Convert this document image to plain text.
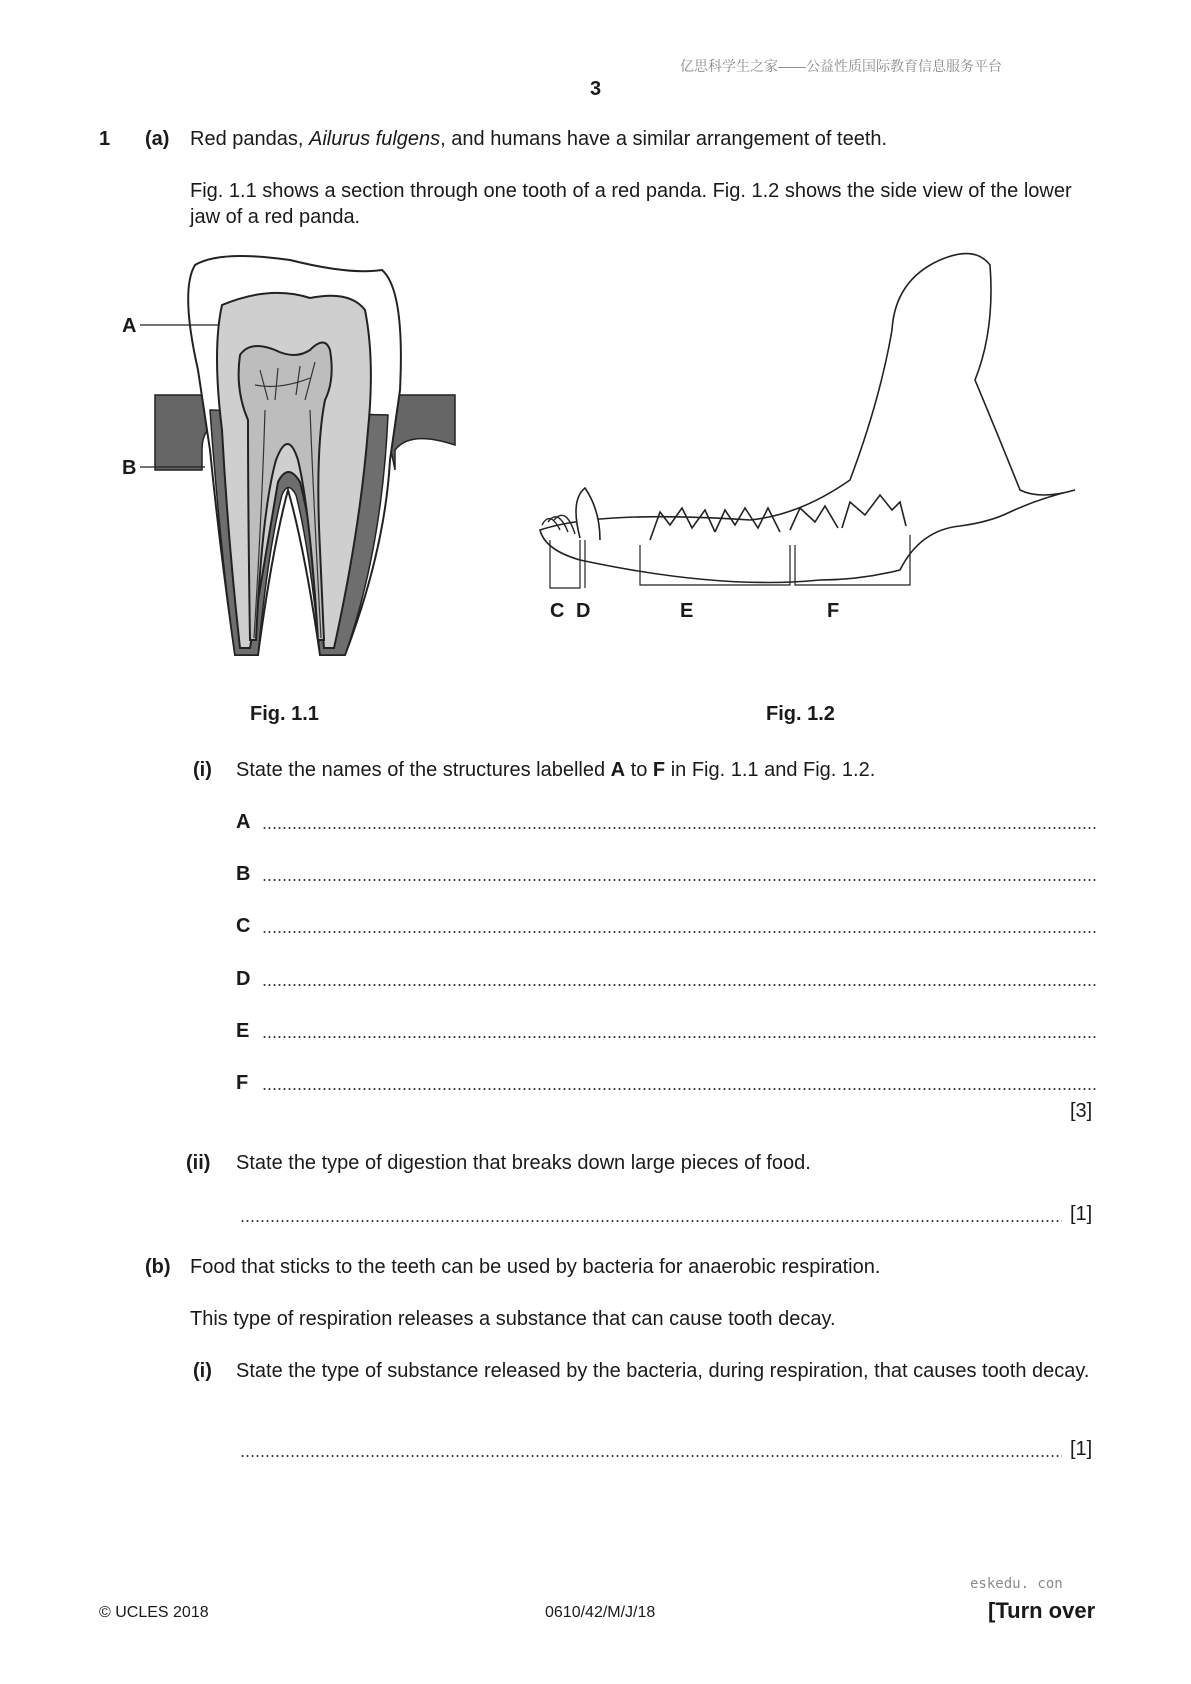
亿思科学生之家——公益性质国际教育信息服务平台
3
1 (a) Red pandas, Ailurus fulgens, and humans have a similar arrangement of teeth.
Fig. 1.1 shows a section through one tooth of a red panda. Fig. 1.2 shows the side view of the lower jaw of a red panda.
A
B
C D	E	F
Fig. 1.1	Fig. 1.2
(i) State the names of the structures labelled A to F in Fig. 1.1 and Fig. 1.2.
A
B
C
D
E
F
[3]
(ii) State the type of digestion that breaks down large pieces of food.
[1]
(b) Food that sticks to the teeth can be used by bacteria for anaerobic respiration.
This type of respiration releases a substance that can cause tooth decay.
(i) State the type of substance released by the bacteria, during respiration, that causes tooth decay.
[1]
eskedu. con
© UCLES 2018	0610/42/M/J/18	[Turn over
